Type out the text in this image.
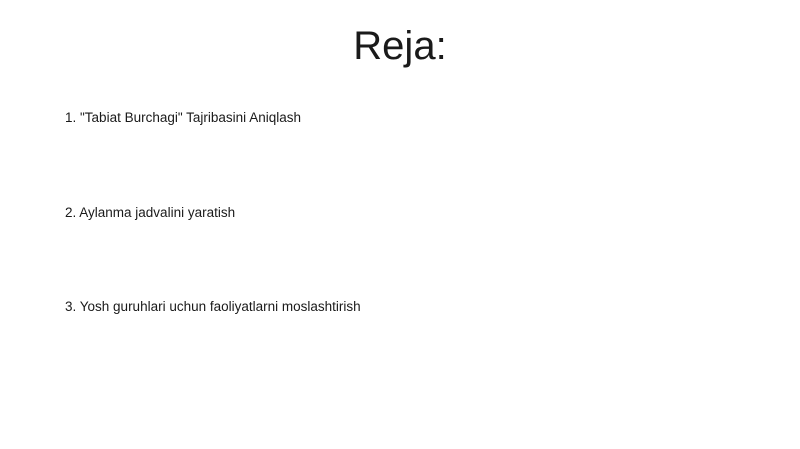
Reja:
1. "Tabiat Burchagi" Tajribasini Aniqlash
2. Aylanma jadvalini yaratish
3. Yosh guruhlari uchun faoliyatlarni moslashtirish
